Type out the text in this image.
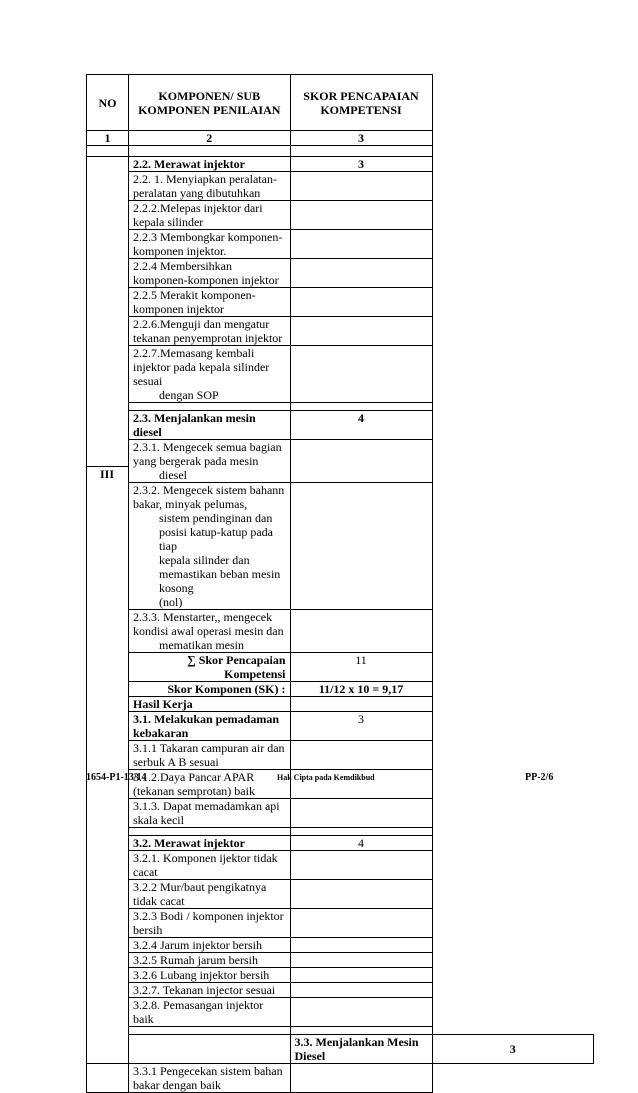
NO	KOMPONEN/ SUB KOMPONEN PENILAIAN	SKOR PENCAPAIAN KOMPETENSI	
1	2	3	

	2.2. Merawat injektor	3	
	2.2. 1. Menyiapkan peralatan-peralatan yang dibutuhkan		
	2.2.2.Melepas injektor dari kepala silinder		
	2.2.3 Membongkar komponen-komponen injektor.		
	2.2.4 Membersihkan komponen-komponen injektor		
	2.2.5 Merakit komponen-komponen injektor		
	2.2.6.Menguji dan mengatur tekanan penyemprotan injektor		
	2.2.7.Memasang kembali injektor pada kepala silinder sesuai
dengan SOP		

	2.3. Menjalankan mesin diesel	4	
	2.3.1. Mengecek semua bagian yang bergerak pada mesin
diesel		

	2.3.2. Mengecek sistem bahann bakar, minyak pelumas,
sistem pendinginan dan posisi katup-katup pada tiap
kepala silinder dan memastikan beban mesin kosong
(nol)		

	2.3.3. Menstarter,, mengecek kondisi awal operasi mesin dan
mematikan mesin		

	∑ Skor Pencapaian Kompetensi	11	
	Skor Komponen (SK) :	11/12 x 10 = 9,17	
	Hasil Kerja		
	3.1. Melakukan pemadaman kebakaran	3	
	3.1.1 Takaran campuran air dan serbuk A B sesuai		
	3.1.2.Daya Pancar APAR (tekanan semprotan) baik		
	3.1.3. Dapat memadamkan api skala kecil		

	3.2. Merawat injektor	4	
	3.2.1. Komponen ijektor tidak cacat		
	3.2.2 Mur/baut pengikatnya tidak cacat		
	3.2.3 Bodi / komponen injektor bersih		
	3.2.4 Jarum injektor bersih		
	3.2.5 Rumah jarum bersih		
	3.2.6 Lubang injektor bersih		
	3.2.7. Tekanan injector sesuai		
	3.2.8. Pemasangan injektor baik		

		3.3. Menjalankan Mesin Diesel	3
	3.3.1 Pengecekan sistem bahan bakar dengan baik		
III
1654-P1-13/14	Hak Cipta pada Kemdikbud	PP-2/6
